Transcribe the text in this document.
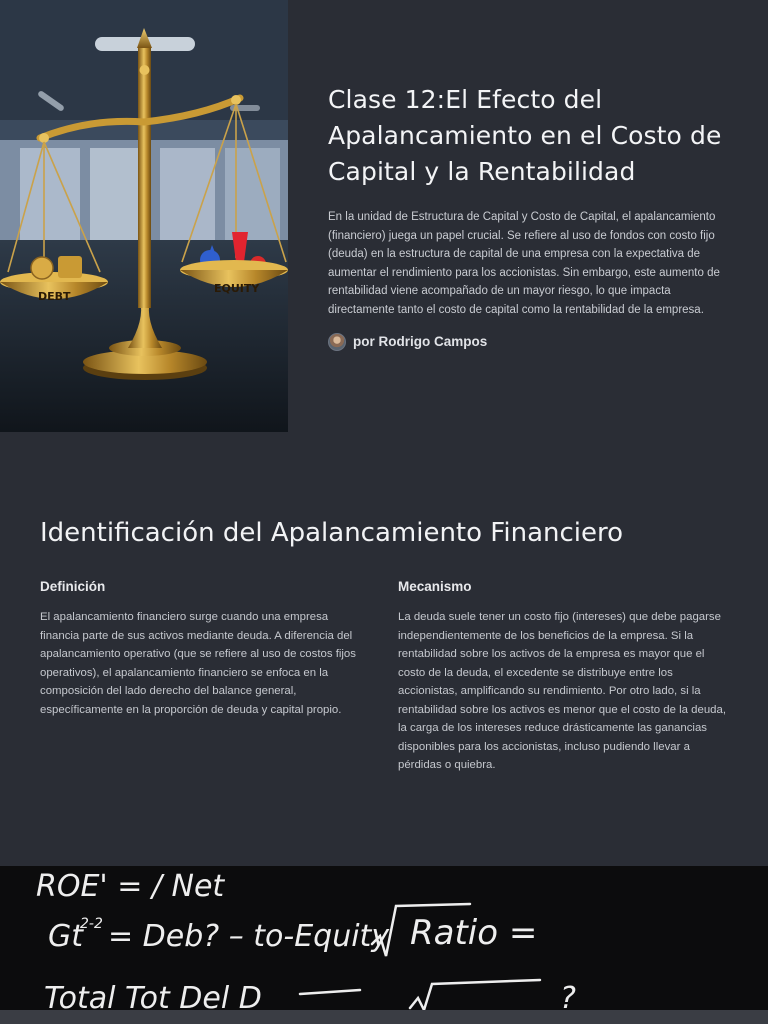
DEBT
EQUITY
Clase 12:El Efecto del Apalancamiento en el Costo de Capital y la Rentabilidad

En la unidad de Estructura de Capital y Costo de Capital, el apalancamiento (financiero) juega un papel crucial. Se refiere al uso de fondos con costo fijo (deuda) en la estructura de capital de una empresa con la expectativa de aumentar el rendimiento para los accionistas. Sin embargo, este aumento de rentabilidad viene acompañado de un mayor riesgo, lo que impacta directamente tanto el costo de capital como la rentabilidad de la empresa.

por Rodrigo Campos
Identificación del Apalancamiento Financiero
Definición

El apalancamiento financiero surge cuando una empresa financia parte de sus activos mediante deuda. A diferencia del apalancamiento operativo (que se refiere al uso de costos fijos operativos), el apalancamiento financiero se enfoca en la composición del lado derecho del balance general, específicamente en la proporción de deuda y capital propio.

Mecanismo

La deuda suele tener un costo fijo (intereses) que debe pagarse independientemente de los beneficios de la empresa. Si la rentabilidad sobre los activos de la empresa es mayor que el costo de la deuda, el excedente se distribuye entre los accionistas, amplificando su rendimiento. Por otro lado, si la rentabilidad sobre los activos es menor que el costo de la deuda, la carga de los intereses reduce drásticamente las ganancias disponibles para los accionistas, incluso pudiendo llevar a pérdidas o quiebra.

ROE' = / Net
Gt
2-2 = Deb? – to-Equity Ratio =
Total Tot Del D	?
